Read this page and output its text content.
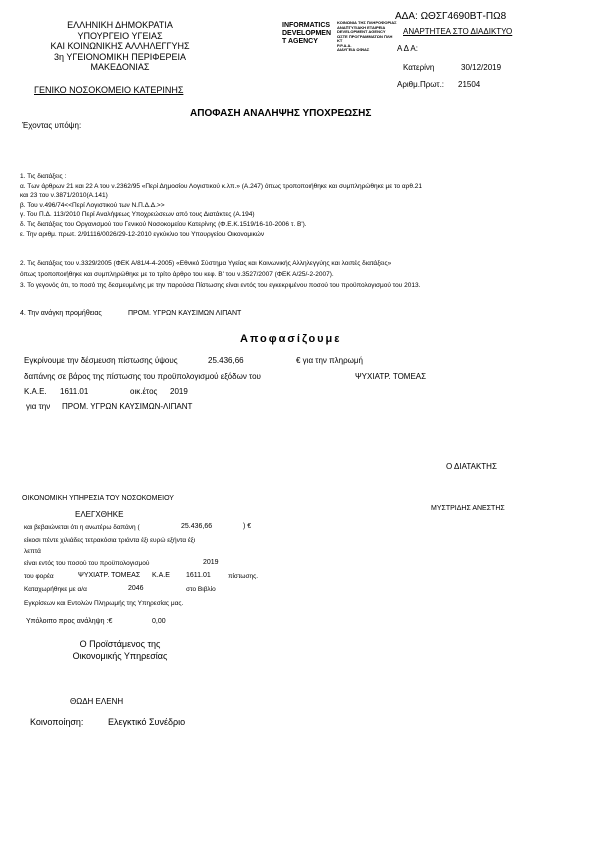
ΕΛΛΗΝΙΚΗ ΔΗΜΟΚΡΑΤΙΑ
ΥΠΟΥΡΓΕΙΟ ΥΓΕΙΑΣ
ΚΑΙ ΚΟΙΝΩΝΙΚΗΣ ΑΛΛΗΛΕΓΓΥΗΣ
3η ΥΓΕΙΟΝΟΜΙΚΗ ΠΕΡΙΦΕΡΕΙΑ
ΜΑΚΕΔΟΝΙΑΣ
ΓΕΝΙΚΟ ΝΟΣΟΚΟΜΕΙΟ ΚΑΤΕΡΙΝΗΣ
INFORMATICS
DEVELOPMEN
T AGENCY
ΚΟΙΝΩΝΙΑ ΤΗΣ ΠΛΗΡΟΦΟΡΙΑΣ
ΑΝΑΠΤΥΞΙΑΚΗ ΕΤΑΙΡΕΙΑ
DEVELOPMENT AGENCY
ΩΣΤΕ ΠΡΟΓΡΑΜΜΑΤΩΝ ΠΛΗ
ΚΤ
Ρ.Ρ.Α.Α.
ΔΙΑΥΓΕΙΑ ΩΦΙΑΣ
ΑΔΑ: ΩΘΣΓ4690ΒΤ-ΠΩ8
ΑΝΑΡΤΗΤΕΑ ΣΤΟ ΔΙΑΔΙΚΤΥΟ
Α Δ Α:
Κατερίνη	30/12/2019
Αριθμ.Πρωτ.: 21504
ΑΠΟΦΑΣΗ ΑΝΑΛΗΨΗΣ ΥΠΟΧΡΕΩΣΗΣ
Έχοντας υπόψη:
1. Τις διατάξεις :
α. Των άρθρων 21 και 22 Α του ν.2362/95 «Περί Δημοσίου Λογιστικού κ.λπ.» (Α.247) όπως τροποποιήθηκε και συμπληρώθηκε με το αρθ.21
και 23 του ν.3871/2010(Α.141)
β. Του ν.496/74<<Περί Λογιστικού των Ν.Π.Δ.Δ.>>
γ. Του Π.Δ. 113/2010 Περί Αναλήψεως Υποχρεώσεων από τους Διατάκτες (Α.194)
δ. Τις διατάξεις του Οργανισμού του Γενικού Νοσοκομείου Κατερίνης (Φ.Ε.Κ.1519/16-10-2006 τ. Β').
ε. Την αριθμ. πρωτ. 2/91116/0026/29-12-2010 εγκύκλιο του Υπουργείου Οικονομικών
2. Τις διατάξεις του ν.3329/2005 (ΦΕΚ Α/81/4-4-2005) «Εθνικό Σύστημα Υγείας και Κοινωνικής Αλληλεγγύης και λοιπές διατάξεις»
όπως τροποποιήθηκε και συμπληρώθηκε με το τρίτο άρθρο του κεφ. Β' του ν.3527/2007 (ΦΕΚ Α/25/-2-2007).
3. Το γεγονός ότι, το ποσό της δεσμευμένης με την παρούσα Πίστωσης είναι εντός του εγκεκριμένου ποσού του προϋπολογισμού του 2013.
4. Την ανάγκη προμήθειας	ΠΡΟΜ. ΥΓΡΩΝ ΚΑΥΣΙΜΩΝ ΛΙΠΑΝΤ
Αποφασίζουμε
Εγκρίνουμε την δέσμευση πίστωσης ύψους	25.436,66	€ για την πληρωμή
δαπάνης σε βάρος της πίστωσης του προϋπολογισμού εξόδων του	ΨΥΧΙΑΤΡ. ΤΟΜΕΑΣ
Κ.Α.Ε. 1611.01	οικ.έτος 2019
για την ΠΡΟΜ. ΥΓΡΩΝ ΚΑΥΣΙΜΩΝ-ΛΙΠΑΝΤ
Ο ΔΙΑΤΑΚΤΗΣ
ΜΥΣΤΡΙΔΗΣ ΑΝΕΣΤΗΣ
ΟΙΚΟΝΟΜΙΚΗ ΥΠΗΡΕΣΙΑ ΤΟΥ ΝΟΣΟΚΟΜΕΙΟΥ
ΕΛΕΓΧΘΗΚΕ
και βεβαιώνεται ότι η ανωτέρω δαπάνη (	25.436,66	) €
είκοσι πέντε χιλιάδες τετρακόσια τριάντα έξι ευρώ εξήντα έξι
λεπτά
είναι εντός του ποσού του προϋπολογισμού	2019
του φορέα	ΨΥΧΙΑΤΡ. ΤΟΜΕΑΣ Κ.Α.Ε 1611.01	πίστωσης.
Καταχωρήθηκε με α/α	2046	στο Βιβλίο
Εγκρίσεων και Εντολών Πληρωμής της Υπηρεσίας μας.
Υπόλοιπο προς ανάληψη :€	0,00
Ο Προϊστάμενος της
Οικονομικής Υπηρεσίας
ΘΩΔΗ ΕΛΕΝΗ
Κοινοποίηση:	Ελεγκτικό Συνέδριο
